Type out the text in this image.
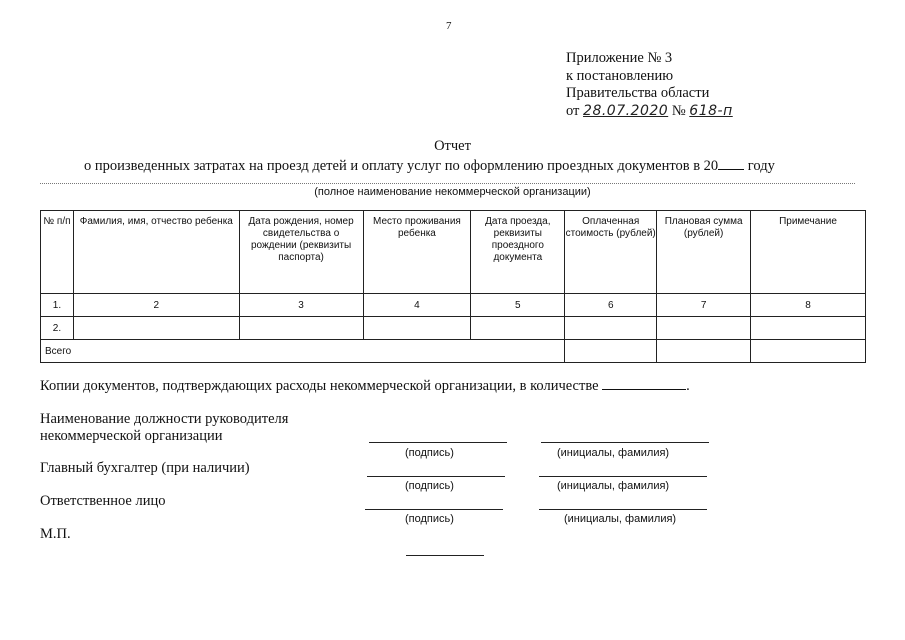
7
Приложение № 3
к постановлению
Правительства области
от 28.07.2020 № 618-п
Отчет
о произведенных затратах на проезд детей и оплату услуг по оформлению проездных документов в 20 году
(полное наименование некоммерческой организации)
№ п/п	Фамилия, имя, отчество ребенка	Дата рождения, номер свидетельства о рождении (реквизиты паспорта)	Место проживания ребенка	Дата проезда, реквизиты проездного документа	Оплаченная стоимость (рублей)	Плановая сумма (рублей)	Примечание
1.	2	3	4	5	6	7	8
2.							
Всего							
Копии документов, подтверждающих расходы некоммерческой организации, в количестве	.
Наименование должности руководителя
некоммерческой организации
(подпись)	(инициалы, фамилия)
Главный бухгалтер (при наличии)
(подпись)	(инициалы, фамилия)
Ответственное лицо
(подпись)	(инициалы, фамилия)
М.П.
